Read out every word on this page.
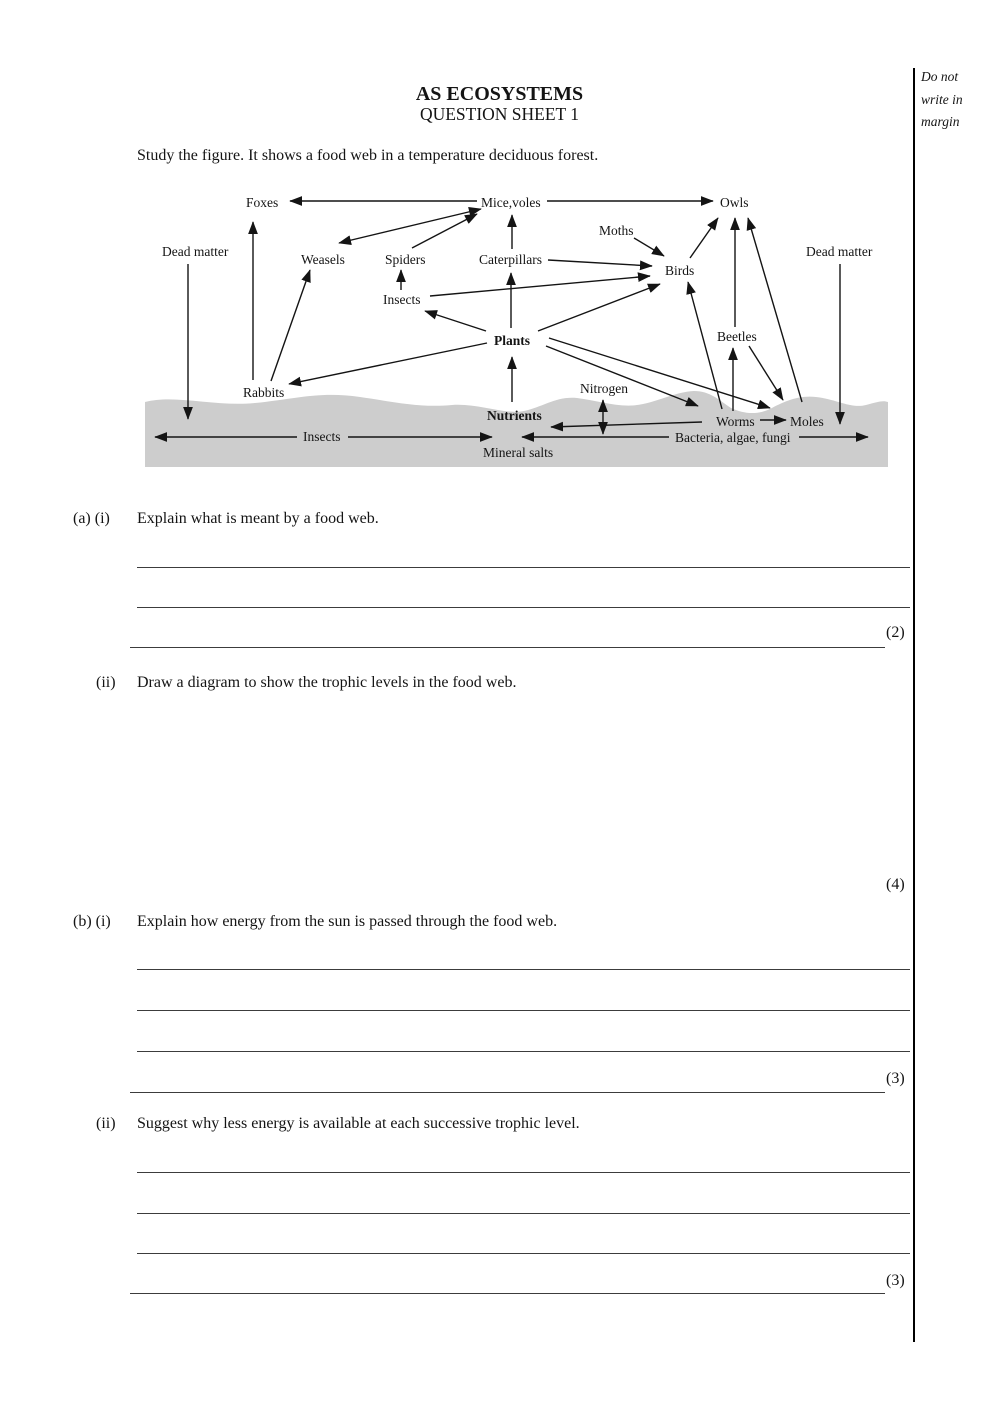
AS ECOSYSTEMS
QUESTION SHEET 1
Do not
write in
margin
Study the figure. It shows a food web in a temperature deciduous forest.
Foxes	Mice,voles	Owls
Moths
Dead matter
Weasels	Spiders	Caterpillars
Dead matter
Birds
Insects
Plants	Beetles
Nitrogen
Rabbits
Nutrients	Worms	Moles
Insects	Bacteria, algae, fungi
Mineral salts
(a) (i) Explain what is meant by a food web.
(2)
(ii) Draw a diagram to show the trophic levels in the food web.
(4)
(b) (i) Explain how energy from the sun is passed through the food web.
(3)
(ii) Suggest why less energy is available at each successive trophic level.
(3)
